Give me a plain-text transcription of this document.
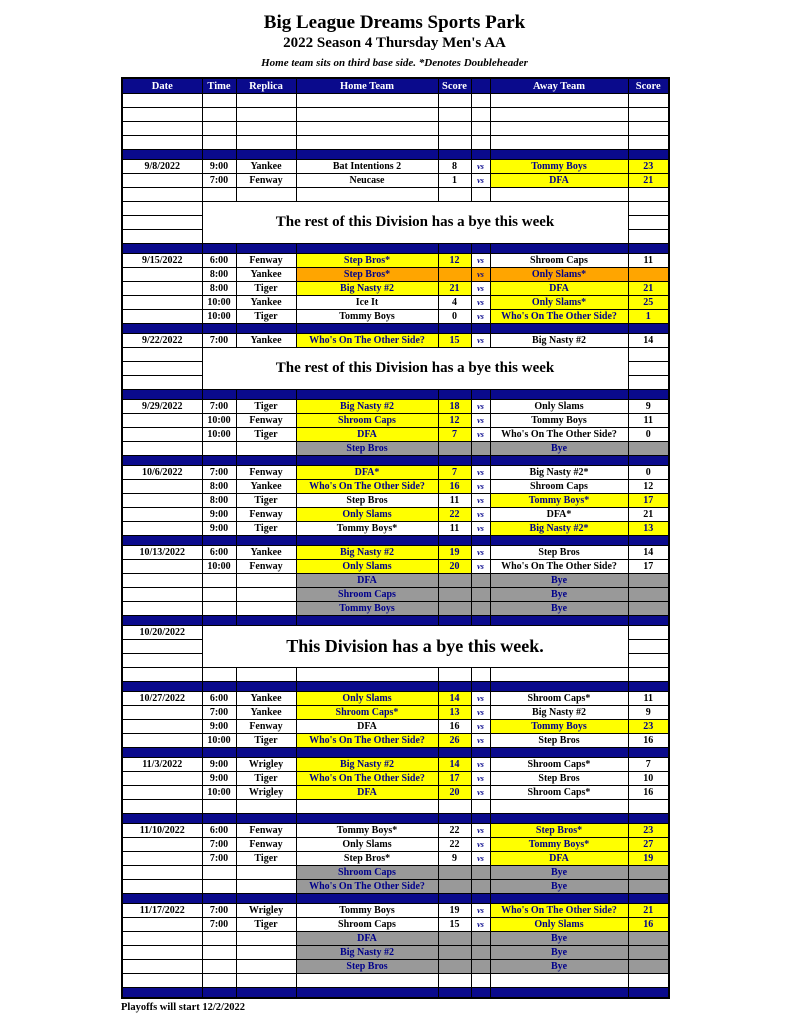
Big League Dreams Sports Park
2022 Season 4 Thursday Men's AA
Home team sits on third base side. *Denotes Doubleheader
Date	Time	Replica	Home Team	Score		Away Team	Score

9/8/2022	9:00	Yankee	Bat Intentions 2	8	vs	Tommy Boys	23
	7:00	Fenway	Neucase	1	vs	DFA	21

	The rest of this Division has a bye this week						

9/15/2022	6:00	Fenway	Step Bros*	12	vs	Shroom Caps	11
	8:00	Yankee	Step Bros*		vs	Only Slams*	
	8:00	Tiger	Big Nasty #2	21	vs	DFA	21
	10:00	Yankee	Ice It	4	vs	Only Slams*	25
	10:00	Tiger	Tommy Boys	0	vs	Who's On The Other Side?	1

9/22/2022	7:00	Yankee	Who's On The Other Side?	15	vs	Big Nasty #2	14
	The rest of this Division has a bye this week						

9/29/2022	7:00	Tiger	Big Nasty #2	18	vs	Only Slams	9
	10:00	Fenway	Shroom Caps	12	vs	Tommy Boys	11
	10:00	Tiger	DFA	7	vs	Who's On The Other Side?	0
			Step Bros			Bye	

10/6/2022	7:00	Fenway	DFA*	7	vs	Big Nasty #2*	0
	8:00	Yankee	Who's On The Other Side?	16	vs	Shroom Caps	12
	8:00	Tiger	Step Bros	11	vs	Tommy Boys*	17
	9:00	Fenway	Only Slams	22	vs	DFA*	21
	9:00	Tiger	Tommy Boys*	11	vs	Big Nasty #2*	13

10/13/2022	6:00	Yankee	Big Nasty #2	19	vs	Step Bros	14
	10:00	Fenway	Only Slams	20	vs	Who's On The Other Side?	17
			DFA			Bye	
			Shroom Caps			Bye	
			Tommy Boys			Bye	

10/20/2022	This Division has a bye this week.						

10/27/2022	6:00	Yankee	Only Slams	14	vs	Shroom Caps*	11
	7:00	Yankee	Shroom Caps*	13	vs	Big Nasty #2	9
	9:00	Fenway	DFA	16	vs	Tommy Boys	23
	10:00	Tiger	Who's On The Other Side?	26	vs	Step Bros	16

11/3/2022	9:00	Wrigley	Big Nasty #2	14	vs	Shroom Caps*	7
	9:00	Tiger	Who's On The Other Side?	17	vs	Step Bros	10
	10:00	Wrigley	DFA	20	vs	Shroom Caps*	16

11/10/2022	6:00	Fenway	Tommy Boys*	22	vs	Step Bros*	23
	7:00	Fenway	Only Slams	22	vs	Tommy Boys*	27
	7:00	Tiger	Step Bros*	9	vs	DFA	19
			Shroom Caps			Bye	
			Who's On The Other Side?			Bye	

11/17/2022	7:00	Wrigley	Tommy Boys	19	vs	Who's On The Other Side?	21
	7:00	Tiger	Shroom Caps	15	vs	Only Slams	16
			DFA			Bye	
			Big Nasty #2			Bye	
			Step Bros			Bye	

Playoffs will start 12/2/2022
